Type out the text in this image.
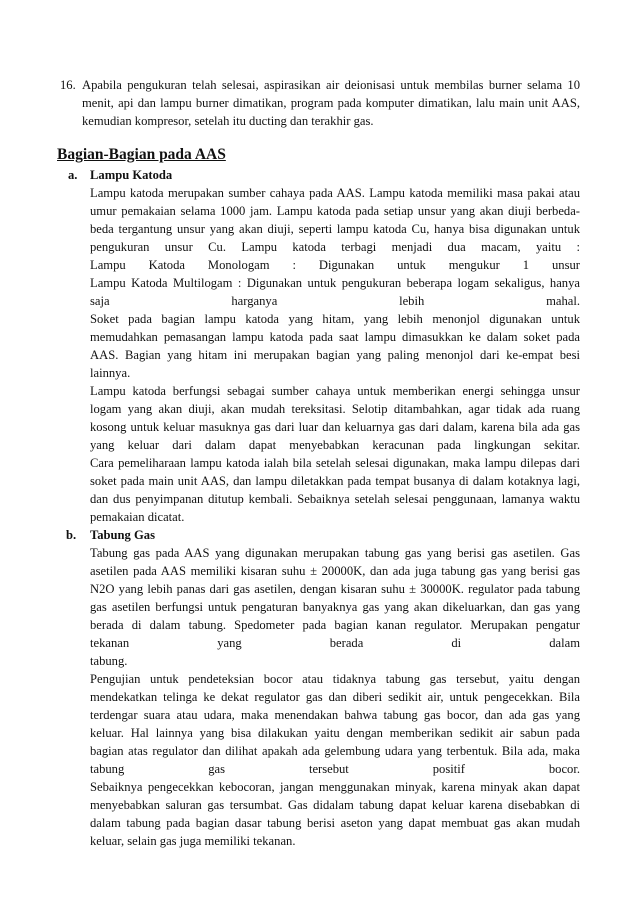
16. Apabila pengukuran telah selesai, aspirasikan air deionisasi untuk membilas burner selama 10
menit, api dan lampu burner dimatikan, program pada komputer dimatikan, lalu main unit AAS,
kemudian kompresor, setelah itu ducting dan terakhir gas.
Bagian-Bagian pada AAS
a. Lampu Katoda
Lampu katoda merupakan sumber cahaya pada AAS. Lampu katoda memiliki masa pakai atau
umur pemakaian selama 1000 jam. Lampu katoda pada setiap unsur yang akan diuji berbeda-
beda tergantung unsur yang akan diuji, seperti lampu katoda Cu, hanya bisa digunakan untuk
pengukuran unsur Cu. Lampu katoda terbagi menjadi dua macam, yaitu :
Lampu Katoda Monologam : Digunakan untuk mengukur 1 unsur
Lampu Katoda Multilogam : Digunakan untuk pengukuran beberapa logam sekaligus, hanya
saja harganya lebih mahal.
Soket pada bagian lampu katoda yang hitam, yang lebih menonjol digunakan untuk
memudahkan pemasangan lampu katoda pada saat lampu dimasukkan ke dalam soket pada
AAS. Bagian yang hitam ini merupakan bagian yang paling menonjol dari ke-empat besi
lainnya.
Lampu katoda berfungsi sebagai sumber cahaya untuk memberikan energi sehingga unsur
logam yang akan diuji, akan mudah tereksitasi. Selotip ditambahkan, agar tidak ada ruang
kosong untuk keluar masuknya gas dari luar dan keluarnya gas dari dalam, karena bila ada gas
yang keluar dari dalam dapat menyebabkan keracunan pada lingkungan sekitar.
Cara pemeliharaan lampu katoda ialah bila setelah selesai digunakan, maka lampu dilepas dari
soket pada main unit AAS, dan lampu diletakkan pada tempat busanya di dalam kotaknya lagi,
dan dus penyimpanan ditutup kembali. Sebaiknya setelah selesai penggunaan, lamanya waktu
pemakaian dicatat.
b. Tabung Gas
Tabung gas pada AAS yang digunakan merupakan tabung gas yang berisi gas asetilen. Gas
asetilen pada AAS memiliki kisaran suhu ± 20000K, dan ada juga tabung gas yang berisi gas
N2O yang lebih panas dari gas asetilen, dengan kisaran suhu ± 30000K. regulator pada tabung
gas asetilen berfungsi untuk pengaturan banyaknya gas yang akan dikeluarkan, dan gas yang
berada di dalam tabung. Spedometer pada bagian kanan regulator. Merupakan pengatur
tekanan yang berada di dalam
tabung.
Pengujian untuk pendeteksian bocor atau tidaknya tabung gas tersebut, yaitu dengan
mendekatkan telinga ke dekat regulator gas dan diberi sedikit air, untuk pengecekkan. Bila
terdengar suara atau udara, maka menendakan bahwa tabung gas bocor, dan ada gas yang
keluar. Hal lainnya yang bisa dilakukan yaitu dengan memberikan sedikit air sabun pada
bagian atas regulator dan dilihat apakah ada gelembung udara yang terbentuk. Bila ada, maka
tabung gas tersebut positif bocor.
Sebaiknya pengecekkan kebocoran, jangan menggunakan minyak, karena minyak akan dapat
menyebabkan saluran gas tersumbat. Gas didalam tabung dapat keluar karena disebabkan di
dalam tabung pada bagian dasar tabung berisi aseton yang dapat membuat gas akan mudah
keluar, selain gas juga memiliki tekanan.
